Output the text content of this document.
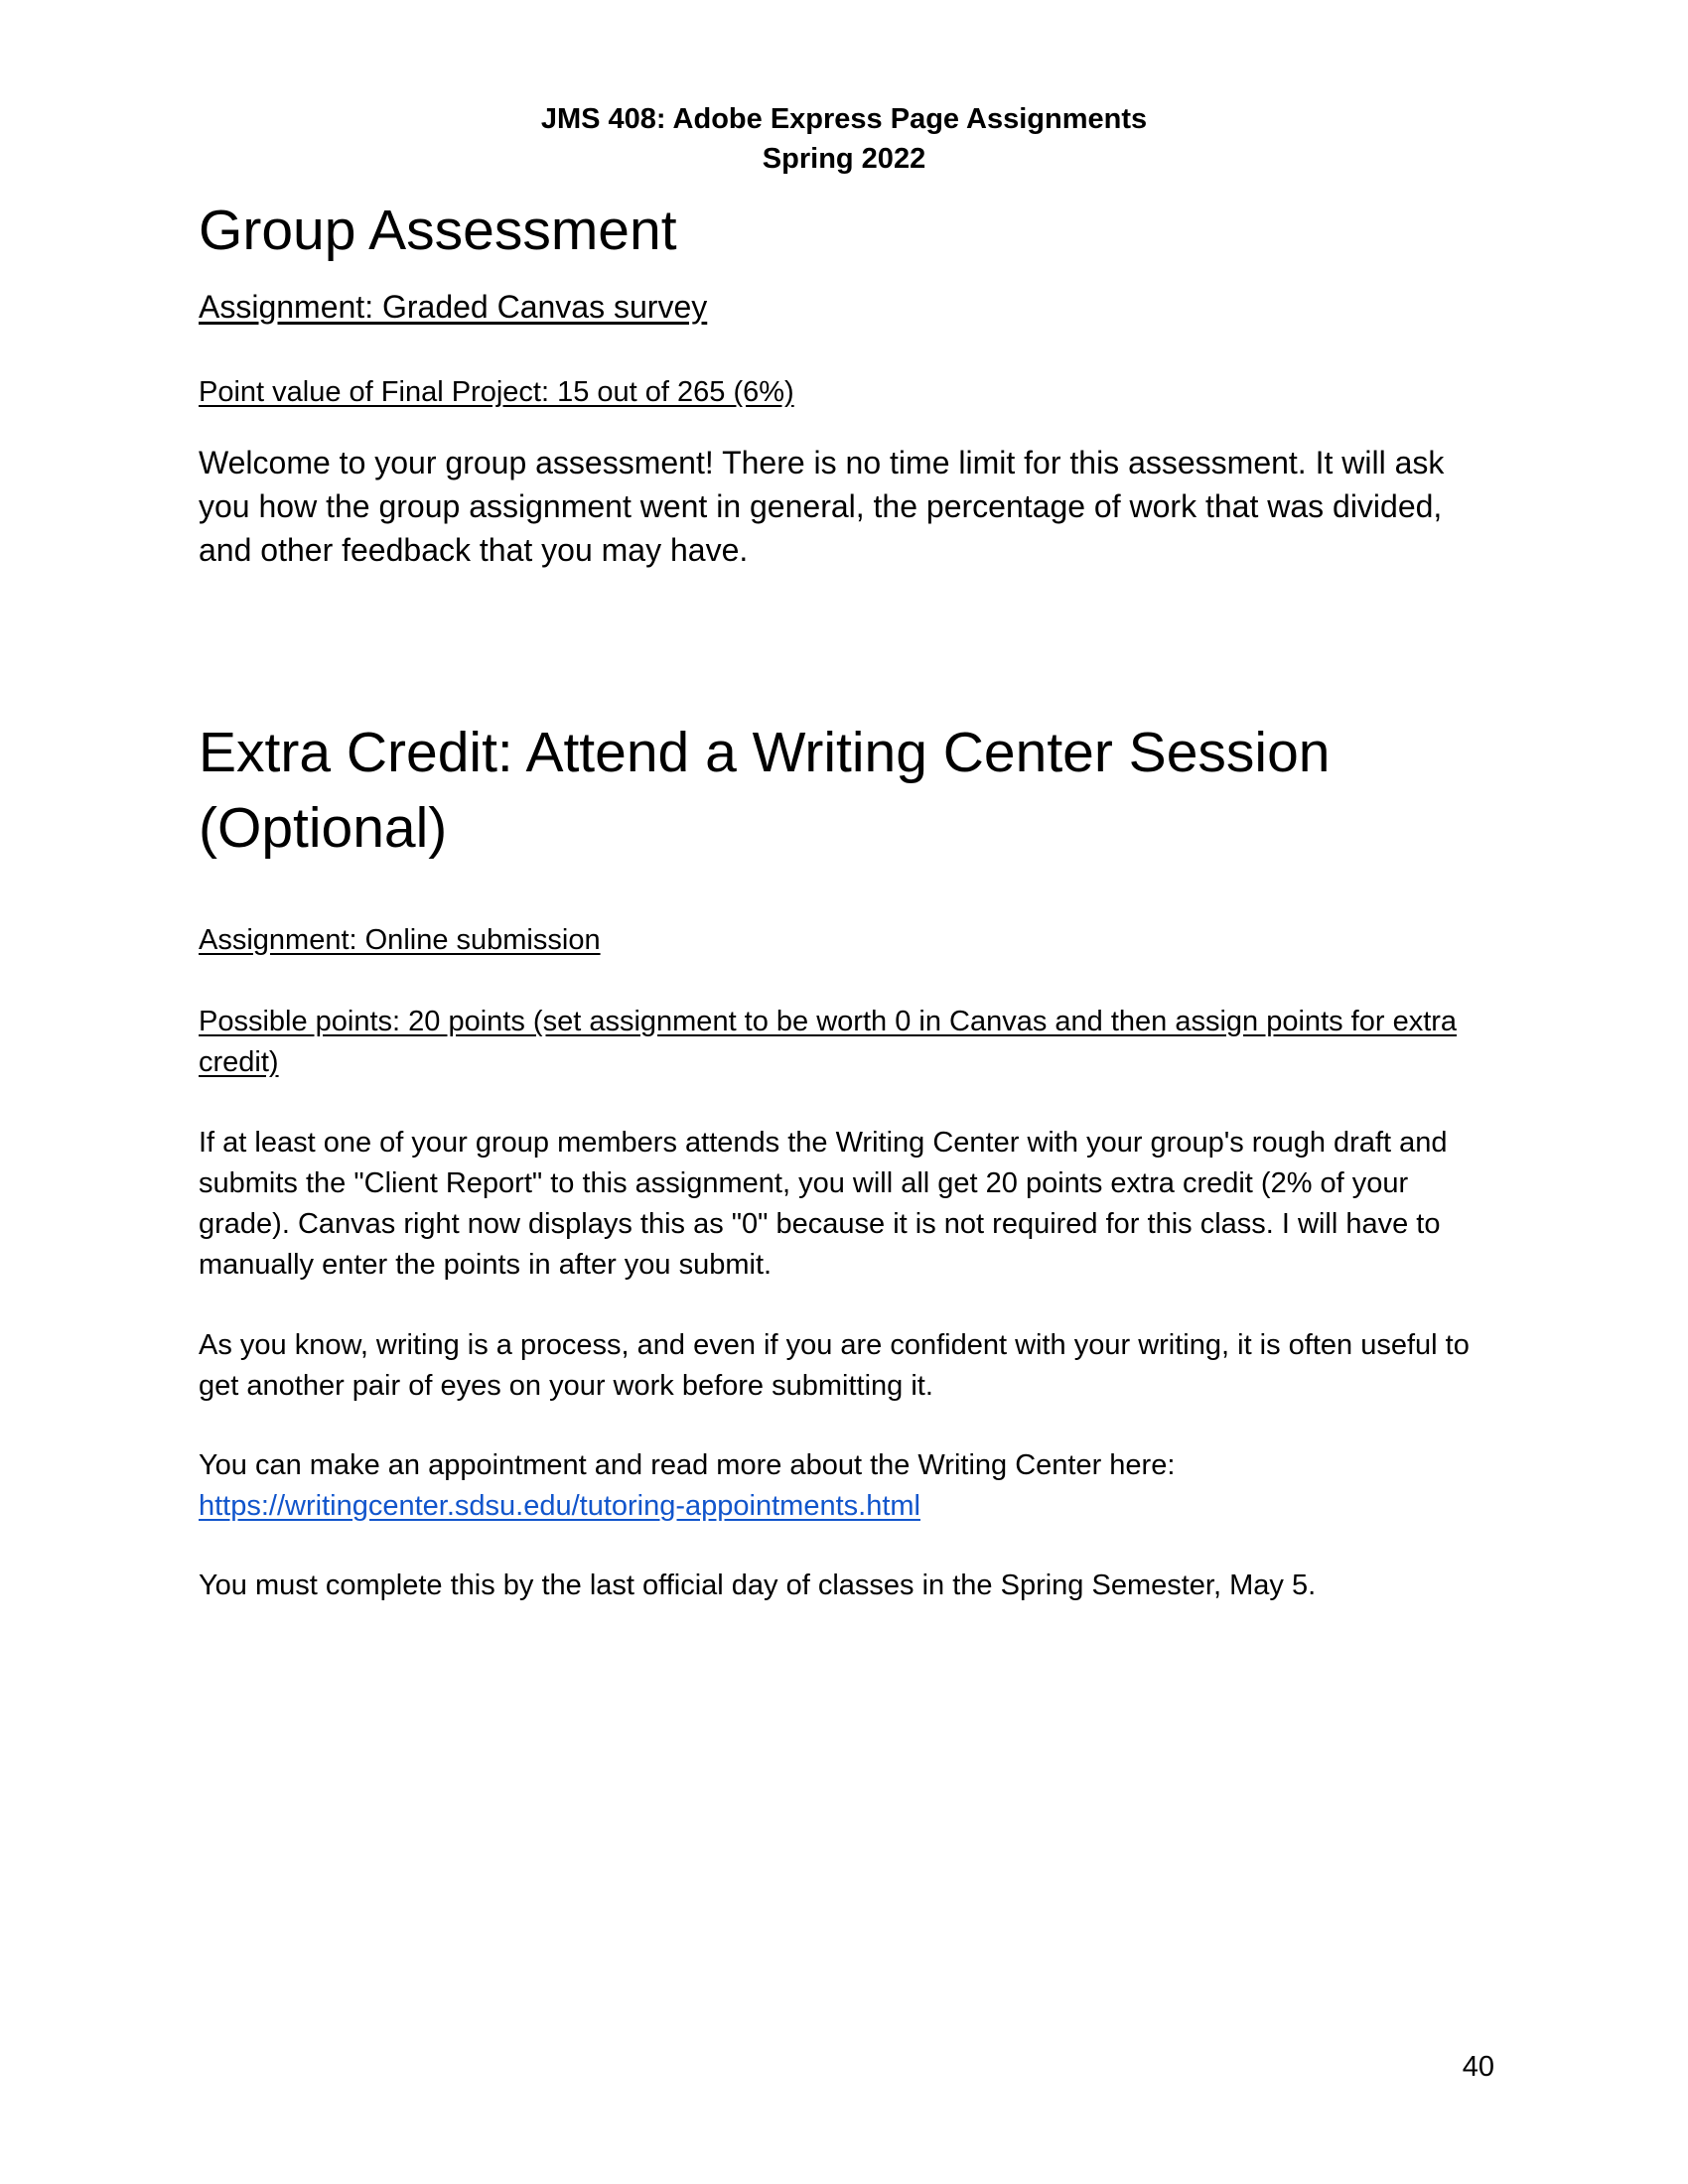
JMS 408: Adobe Express Page Assignments
Spring 2022
Group Assessment
Assignment: Graded Canvas survey
Point value of Final Project: 15 out of 265 (6%)
Welcome to your group assessment! There is no time limit for this assessment. It will ask you how the group assignment went in general, the percentage of work that was divided, and other feedback that you may have.
Extra Credit: Attend a Writing Center Session (Optional)
Assignment: Online submission
Possible points: 20 points (set assignment to be worth 0 in Canvas and then assign points for extra credit)
If at least one of your group members attends the Writing Center with your group's rough draft and submits the "Client Report" to this assignment, you will all get 20 points extra credit (2% of your grade). Canvas right now displays this as "0" because it is not required for this class. I will have to manually enter the points in after you submit.
As you know, writing is a process, and even if you are confident with your writing, it is often useful to get another pair of eyes on your work before submitting it.
You can make an appointment and read more about the Writing Center here:
https://writingcenter.sdsu.edu/tutoring-appointments.html
You must complete this by the last official day of classes in the Spring Semester, May 5.
40
